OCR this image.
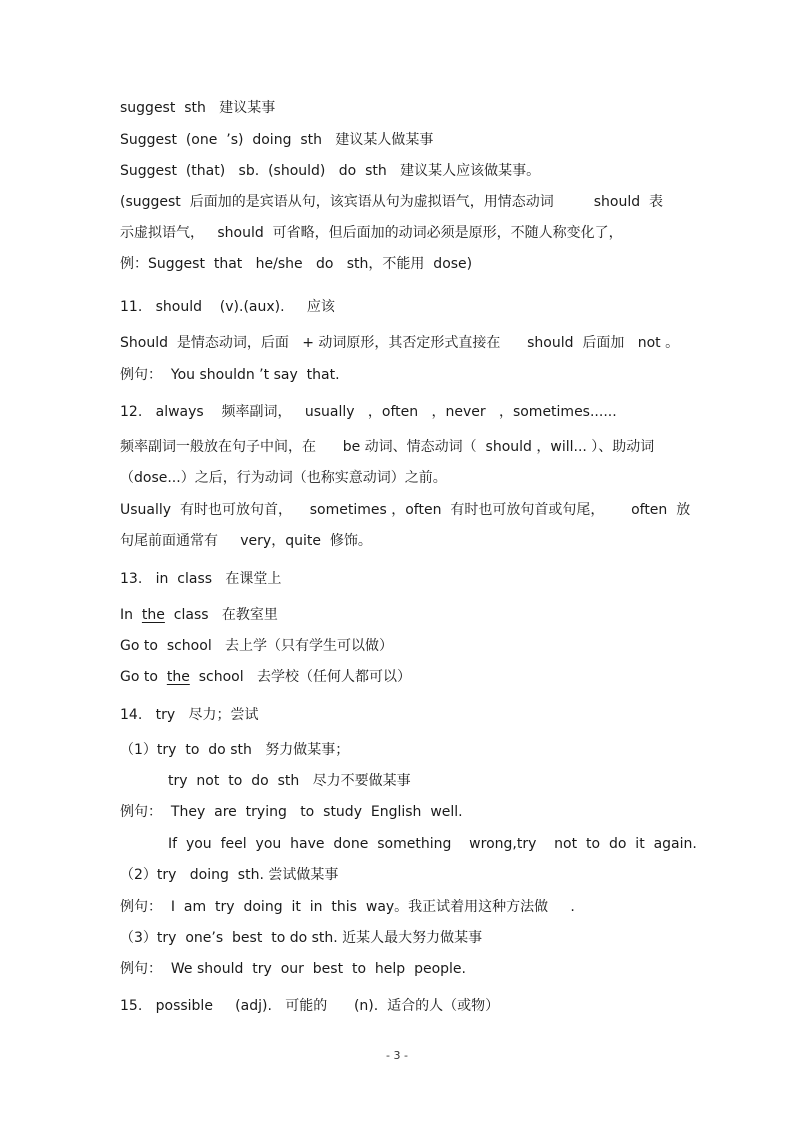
suggest  sth   建议某事
Suggest  (one  ’s)  doing  sth   建议某人做某事
Suggest  (that)   sb.  (should)   do  sth   建议某人应该做某事。
(suggest  后面加的是宾语从句，该宾语从句为虚拟语气，用情态动词         should  表
示虚拟语气，   should  可省略，但后面加的动词必须是原形，不随人称变化了，
例：Suggest  that   he/she   do   sth，不能用  dose)
11.   should    (v).(aux).     应该
Should  是情态动词，后面   + 动词原形，其否定形式直接在      should  后面加   not 。
例句：  You shouldn ’t say  that.
12.   always    频率副词，   usually   ，often   ，never   ，sometimes......
频率副词一般放在句子中间，在      be 动词、情态动词（  should ，will... ）、助动词
（dose...）之后，行为动词（也称实意动词）之前。
Usually  有时也可放句首，    sometimes ，often  有时也可放句首或句尾，      often  放
句尾前面通常有     very，quite  修饰。
13.   in  class   在课堂上
In  the  class   在教室里
Go to  school   去上学（只有学生可以做）
Go to  the  school   去学校（任何人都可以）
14.   try   尽力；尝试
（1）try  to  do sth   努力做某事；
try  not  to  do  sth   尽力不要做某事
例句：  They  are  trying   to  study  English  well.
If  you  feel  you  have  done  something    wrong,try    not  to  do  it  again.
（2）try   doing  sth. 尝试做某事
例句：  I  am  try  doing  it  in  this  way。我正试着用这种方法做     .
（3）try  one’s  best  to do sth. 近某人最大努力做某事
例句：  We should  try  our  best  to  help  people.
15.   possible     (adj).   可能的      (n).  适合的人（或物）
- 3 -
